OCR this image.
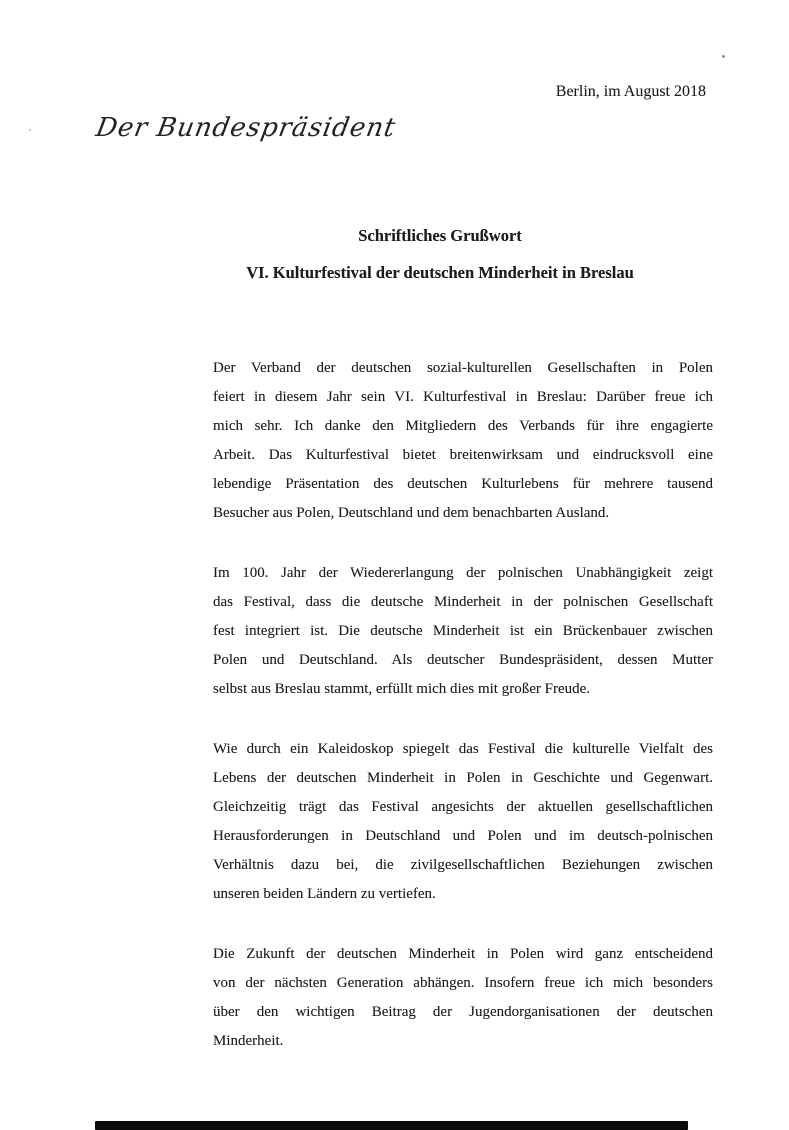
Berlin, im August 2018
Der Bundespräsident
Schriftliches Grußwort
VI. Kulturfestival der deutschen Minderheit in Breslau
Der Verband der deutschen sozial-kulturellen Gesellschaften in Polen
feiert in diesem Jahr sein VI. Kulturfestival in Breslau: Darüber freue ich
mich sehr. Ich danke den Mitgliedern des Verbands für ihre engagierte
Arbeit. Das Kulturfestival bietet breitenwirksam und eindrucksvoll eine
lebendige Präsentation des deutschen Kulturlebens für mehrere tausend
Besucher aus Polen, Deutschland und dem benachbarten Ausland.
Im 100. Jahr der Wiedererlangung der polnischen Unabhängigkeit zeigt
das Festival, dass die deutsche Minderheit in der polnischen Gesellschaft
fest integriert ist. Die deutsche Minderheit ist ein Brückenbauer zwischen
Polen und Deutschland. Als deutscher Bundespräsident, dessen Mutter
selbst aus Breslau stammt, erfüllt mich dies mit großer Freude.
Wie durch ein Kaleidoskop spiegelt das Festival die kulturelle Vielfalt des
Lebens der deutschen Minderheit in Polen in Geschichte und Gegenwart.
Gleichzeitig trägt das Festival angesichts der aktuellen gesellschaftlichen
Herausforderungen in Deutschland und Polen und im deutsch-polnischen
Verhältnis dazu bei, die zivilgesellschaftlichen Beziehungen zwischen
unseren beiden Ländern zu vertiefen.
Die Zukunft der deutschen Minderheit in Polen wird ganz entscheidend
von der nächsten Generation abhängen. Insofern freue ich mich besonders
über den wichtigen Beitrag der Jugendorganisationen der deutschen
Minderheit.
